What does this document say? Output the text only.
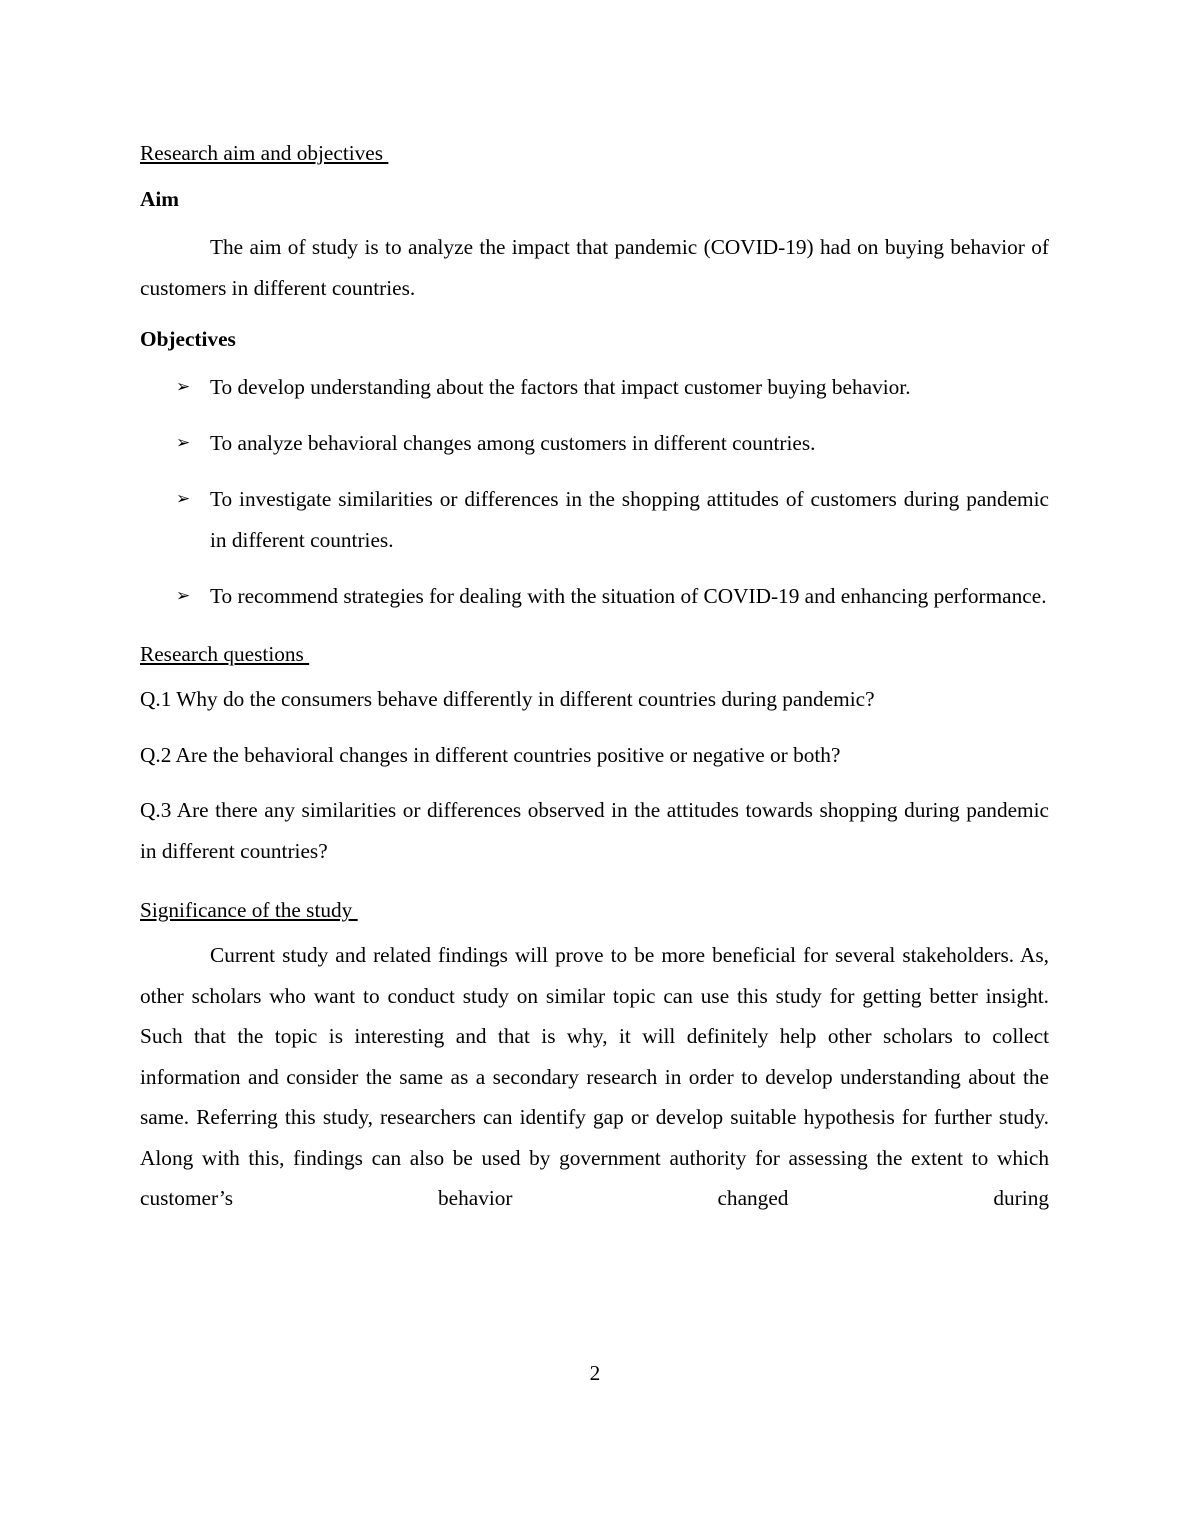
Research aim and objectives

Aim

The aim of study is to analyze the impact that pandemic (COVID-19) had on buying behavior of customers in different countries.

Objectives

➢ To develop understanding about the factors that impact customer buying behavior.
➢ To analyze behavioral changes among customers in different countries.
➢ To investigate similarities or differences in the shopping attitudes of customers during pandemic in different countries.
➢ To recommend strategies for dealing with the situation of COVID-19 and enhancing performance.

Research questions

Q.1 Why do the consumers behave differently in different countries during pandemic?

Q.2 Are the behavioral changes in different countries positive or negative or both?

Q.3 Are there any similarities or differences observed in the attitudes towards shopping during pandemic in different countries?

Significance of the study

Current study and related findings will prove to be more beneficial for several stakeholders. As, other scholars who want to conduct study on similar topic can use this study for getting better insight. Such that the topic is interesting and that is why, it will definitely help other scholars to collect information and consider the same as a secondary research in order to develop understanding about the same. Referring this study, researchers can identify gap or develop suitable hypothesis for further study. Along with this, findings can also be used by government authority for assessing the extent to which customer’s behavior changed during

2
